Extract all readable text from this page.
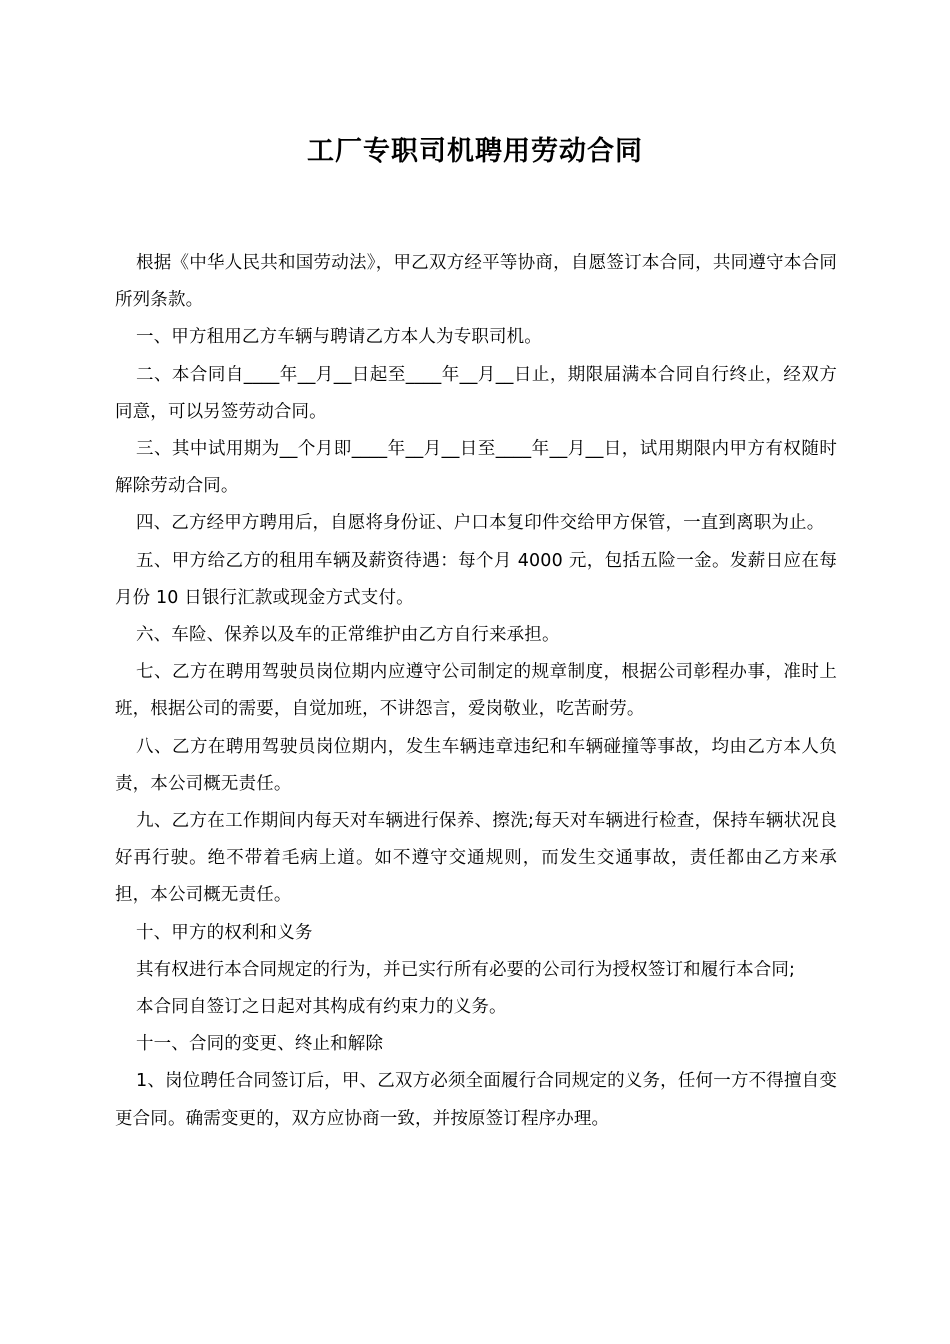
工厂专职司机聘用劳动合同

根据《中华人民共和国劳动法》，甲乙双方经平等协商，自愿签订本合同，共同遵守本合同所列条款。

一、甲方租用乙方车辆与聘请乙方本人为专职司机。

二、本合同自____年__月__日起至____年__月__日止，期限届满本合同自行终止，经双方同意，可以另签劳动合同。

三、其中试用期为__个月即____年__月__日至____年__月__日，试用期限内甲方有权随时解除劳动合同。

四、乙方经甲方聘用后，自愿将身份证、户口本复印件交给甲方保管，一直到离职为止。

五、甲方给乙方的租用车辆及薪资待遇：每个月 4000 元，包括五险一金。发薪日应在每月份 10 日银行汇款或现金方式支付。

六、车险、保养以及车的正常维护由乙方自行来承担。

七、乙方在聘用驾驶员岗位期内应遵守公司制定的规章制度，根据公司彰程办事，准时上班，根据公司的需要，自觉加班，不讲怨言，爱岗敬业，吃苦耐劳。

八、乙方在聘用驾驶员岗位期内，发生车辆违章违纪和车辆碰撞等事故，均由乙方本人负责，本公司概无责任。

九、乙方在工作期间内每天对车辆进行保养、擦洗;每天对车辆进行检查，保持车辆状况良好再行驶。绝不带着毛病上道。如不遵守交通规则，而发生交通事故，责任都由乙方来承担，本公司概无责任。

十、甲方的权利和义务

其有权进行本合同规定的行为，并已实行所有必要的公司行为授权签订和履行本合同;

本合同自签订之日起对其构成有约束力的义务。

十一、合同的变更、终止和解除

1、岗位聘任合同签订后，甲、乙双方必须全面履行合同规定的义务，任何一方不得擅自变更合同。确需变更的，双方应协商一致，并按原签订程序办理。
